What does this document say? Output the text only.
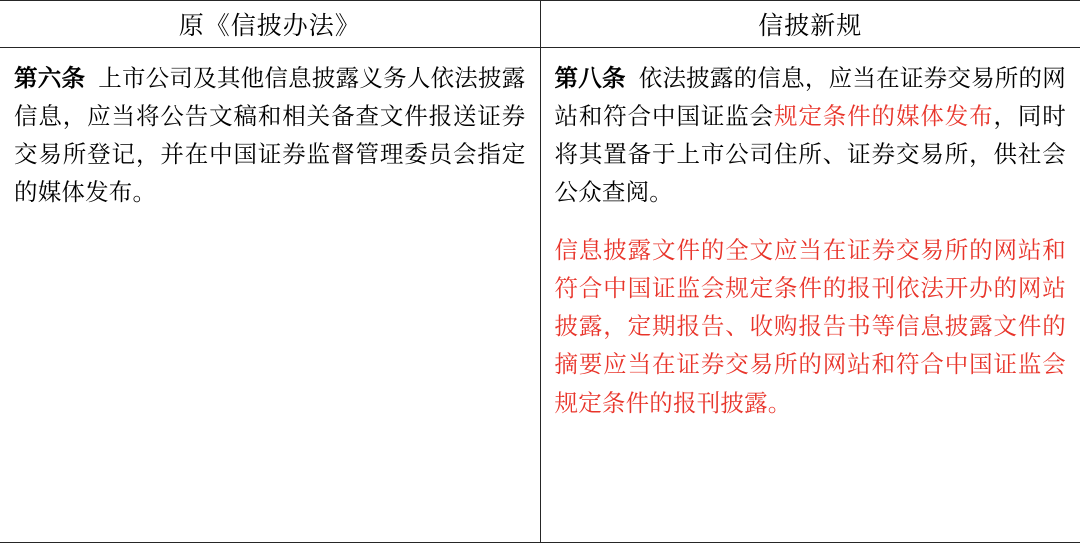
原《信披办法》	信披新规

第六条 上市公司及其他信息披露义务人依法披露信息，应当将公告文稿和相关备查文件报送证券交易所登记，并在中国证券监督管理委员会指定的媒体发布。	第八条 依法披露的信息，应当在证券交易所的网站和符合中国证监会规定条件的媒体发布，同时将其置备于上市公司住所、证券交易所，供社会公众查阅。

信息披露文件的全文应当在证券交易所的网站和符合中国证监会规定条件的报刊依法开办的网站披露，定期报告、收购报告书等信息披露文件的摘要应当在证券交易所的网站和符合中国证监会规定条件的报刊披露。
